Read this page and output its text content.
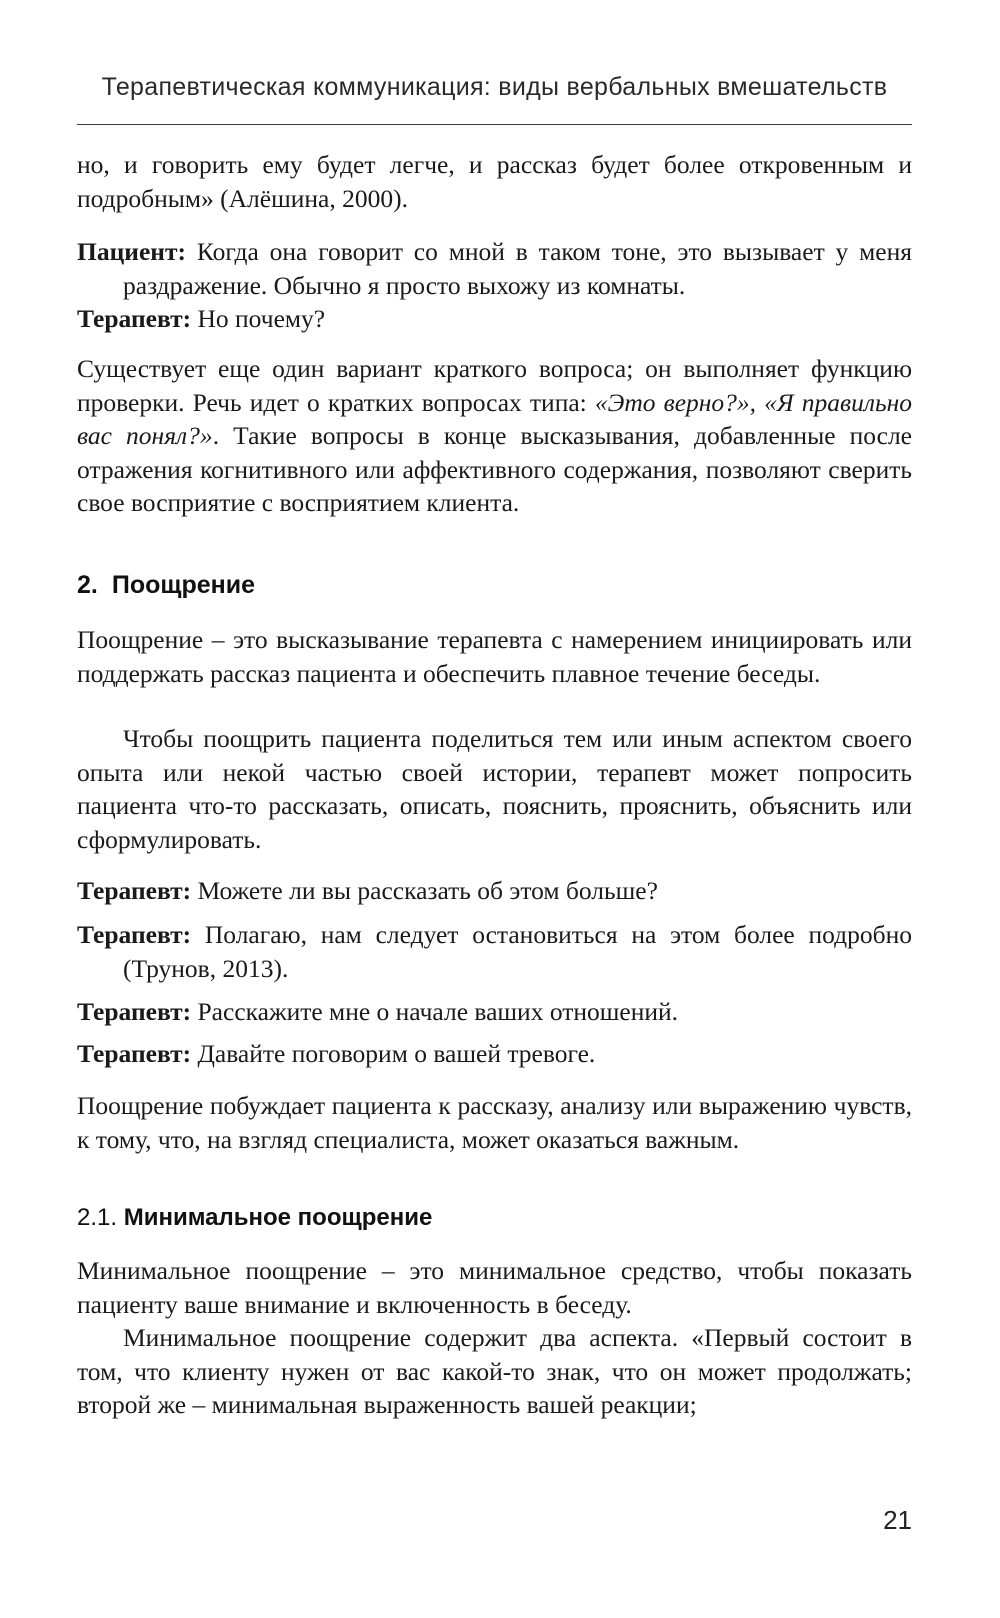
Терапевтическая коммуникация: виды вербальных вмешательств

но, и говорить ему будет легче, и рассказ будет более откровенным и подробным» (Алёшина, 2000).

Пациент: Когда она говорит со мной в таком тоне, это вызывает у меня раздражение. Обычно я просто выхожу из комнаты.

Терапевт: Но почему?

Существует еще один вариант краткого вопроса; он выполняет функцию проверки. Речь идет о кратких вопросах типа: «Это верно?», «Я правильно вас понял?». Такие вопросы в конце высказывания, добавленные после отражения когнитивного или аффективного содержания, позволяют сверить свое восприятие с восприятием клиента.

2. Поощрение

Поощрение – это высказывание терапевта с намерением инициировать или поддержать рассказ пациента и обеспечить плавное течение беседы.

Чтобы поощрить пациента поделиться тем или иным аспектом своего опыта или некой частью своей истории, терапевт может попросить пациента что-то рассказать, описать, пояснить, прояснить, объяснить или сформулировать.

Терапевт: Можете ли вы рассказать об этом больше?

Терапевт: Полагаю, нам следует остановиться на этом более подробно (Трунов, 2013).

Терапевт: Расскажите мне о начале ваших отношений.

Терапевт: Давайте поговорим о вашей тревоге.

Поощрение побуждает пациента к рассказу, анализу или выражению чувств, к тому, что, на взгляд специалиста, может оказаться важным.

2.1. Минимальное поощрение

Минимальное поощрение – это минимальное средство, чтобы показать пациенту ваше внимание и включенность в беседу.

Минимальное поощрение содержит два аспекта. «Первый состоит в том, что клиенту нужен от вас какой-то знак, что он может продолжать; второй же – минимальная выраженность вашей реакции;

21
